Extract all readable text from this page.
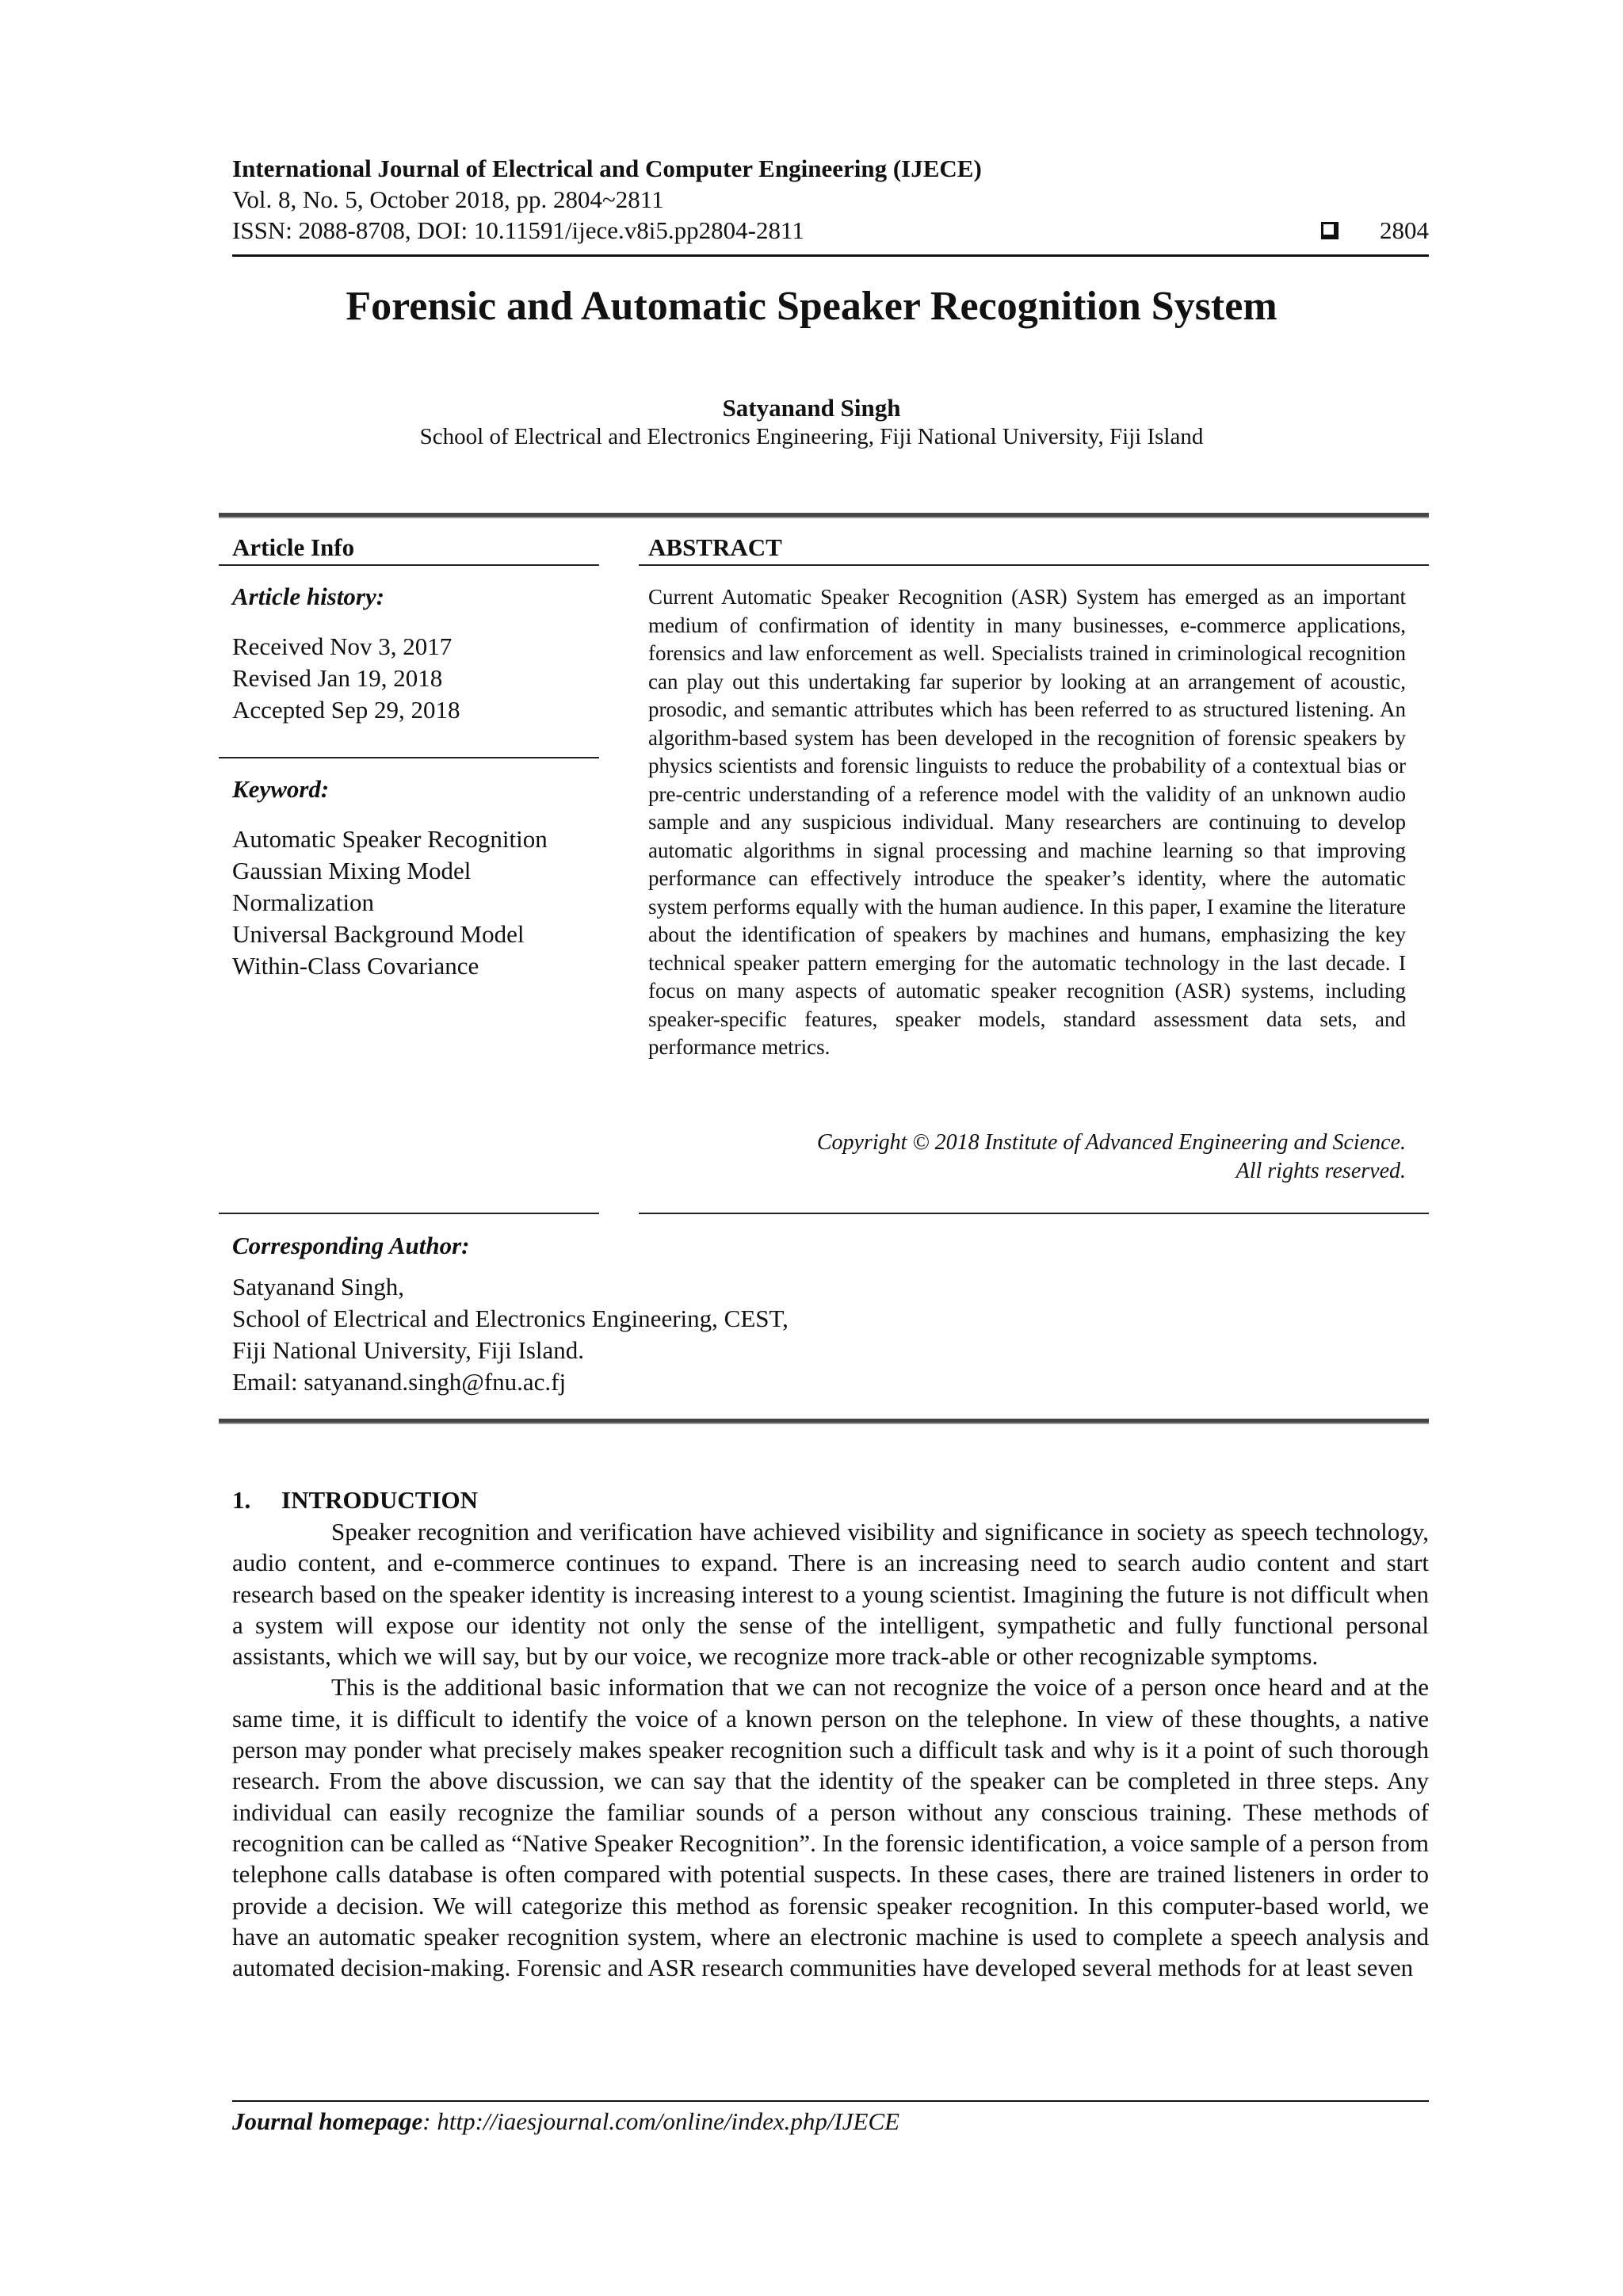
International Journal of Electrical and Computer Engineering (IJECE)
Vol. 8, No. 5, October 2018, pp. 2804~2811
ISSN: 2088-8708, DOI: 10.11591/ijece.v8i5.pp2804-2811	2804
Forensic and Automatic Speaker Recognition System
Satyanand Singh
School of Electrical and Electronics Engineering, Fiji National University, Fiji Island
Article Info
Article history:
Received Nov 3, 2017
Revised Jan 19, 2018
Accepted Sep 29, 2018
Keyword:
Automatic Speaker Recognition
Gaussian Mixing Model
Normalization
Universal Background Model
Within-Class Covariance
ABSTRACT
Current Automatic Speaker Recognition (ASR) System has emerged as an important medium of confirmation of identity in many businesses, e-commerce applications, forensics and law enforcement as well. Specialists trained in criminological recognition can play out this undertaking far superior by looking at an arrangement of acoustic, prosodic, and semantic attributes which has been referred to as structured listening. An algorithm-based system has been developed in the recognition of forensic speakers by physics scientists and forensic linguists to reduce the probability of a contextual bias or pre-centric understanding of a reference model with the validity of an unknown audio sample and any suspicious individual. Many researchers are continuing to develop automatic algorithms in signal processing and machine learning so that improving performance can effectively introduce the speaker’s identity, where the automatic system performs equally with the human audience. In this paper, I examine the literature about the identification of speakers by machines and humans, emphasizing the key technical speaker pattern emerging for the automatic technology in the last decade. I focus on many aspects of automatic speaker recognition (ASR) systems, including speaker-specific features, speaker models, standard assessment data sets, and performance metrics.
Copyright © 2018 Institute of Advanced Engineering and Science.
All rights reserved.
Corresponding Author:
Satyanand Singh,
School of Electrical and Electronics Engineering, CEST,
Fiji National University, Fiji Island.
Email: satyanand.singh@fnu.ac.fj
1.     INTRODUCTION

Speaker recognition and verification have achieved visibility and significance in society as speech technology, audio content, and e-commerce continues to expand. There is an increasing need to search audio content and start research based on the speaker identity is increasing interest to a young scientist. Imagining the future is not difficult when a system will expose our identity not only the sense of the intelligent, sympathetic and fully functional personal assistants, which we will say, but by our voice, we recognize more track-able or other recognizable symptoms.

This is the additional basic information that we can not recognize the voice of a person once heard and at the same time, it is difficult to identify the voice of a known person on the telephone. In view of these thoughts, a native person may ponder what precisely makes speaker recognition such a difficult task and why is it a point of such thorough research. From the above discussion, we can say that the identity of the speaker can be completed in three steps. Any individual can easily recognize the familiar sounds of a person without any conscious training. These methods of recognition can be called as “Native Speaker Recognition”. In the forensic identification, a voice sample of a person from telephone calls database is often compared with potential suspects. In these cases, there are trained listeners in order to provide a decision. We will categorize this method as forensic speaker recognition. In this computer-based world, we have an automatic speaker recognition system, where an electronic machine is used to complete a speech analysis and automated decision-making. Forensic and ASR research communities have developed several methods for at least seven

Journal homepage: http://iaesjournal.com/online/index.php/IJECE
